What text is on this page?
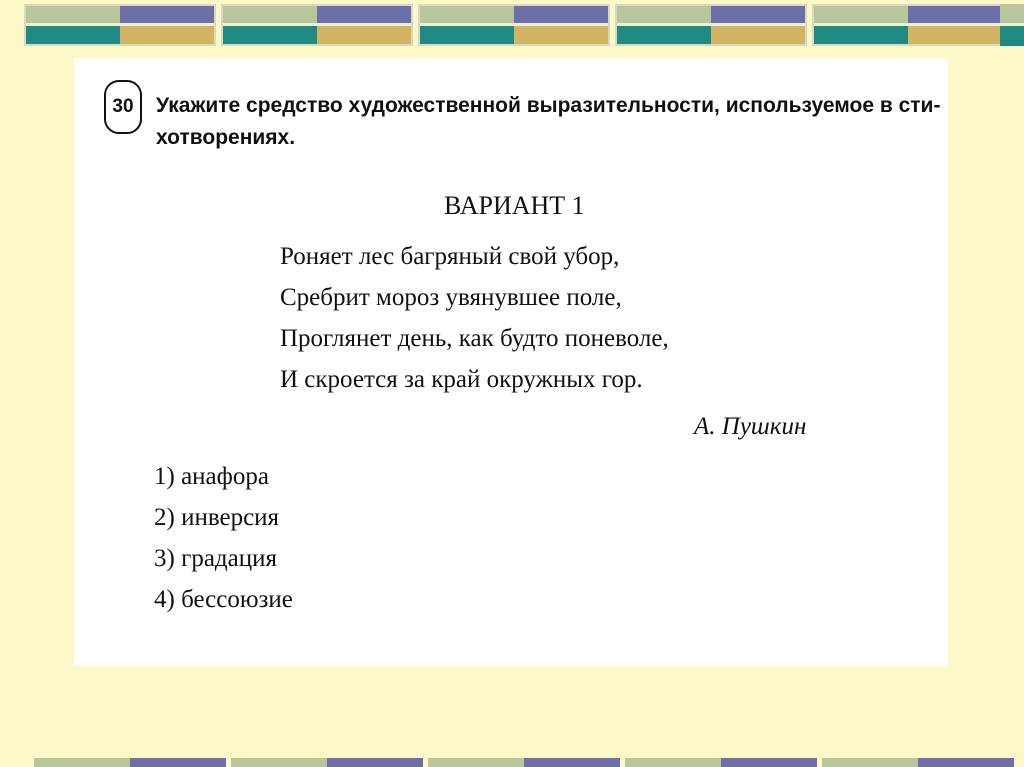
30	Укажите средство художественной выразительности, используемое в сти-
хотворениях.
ВАРИАНТ 1
Роняет лес багряный свой убор,
Сребрит мороз увянувшее поле,
Проглянет день, как будто поневоле,
И скроется за край окружных гор.
А. Пушкин
1) анафора
2) инверсия
3) градация
4) бессоюзие
